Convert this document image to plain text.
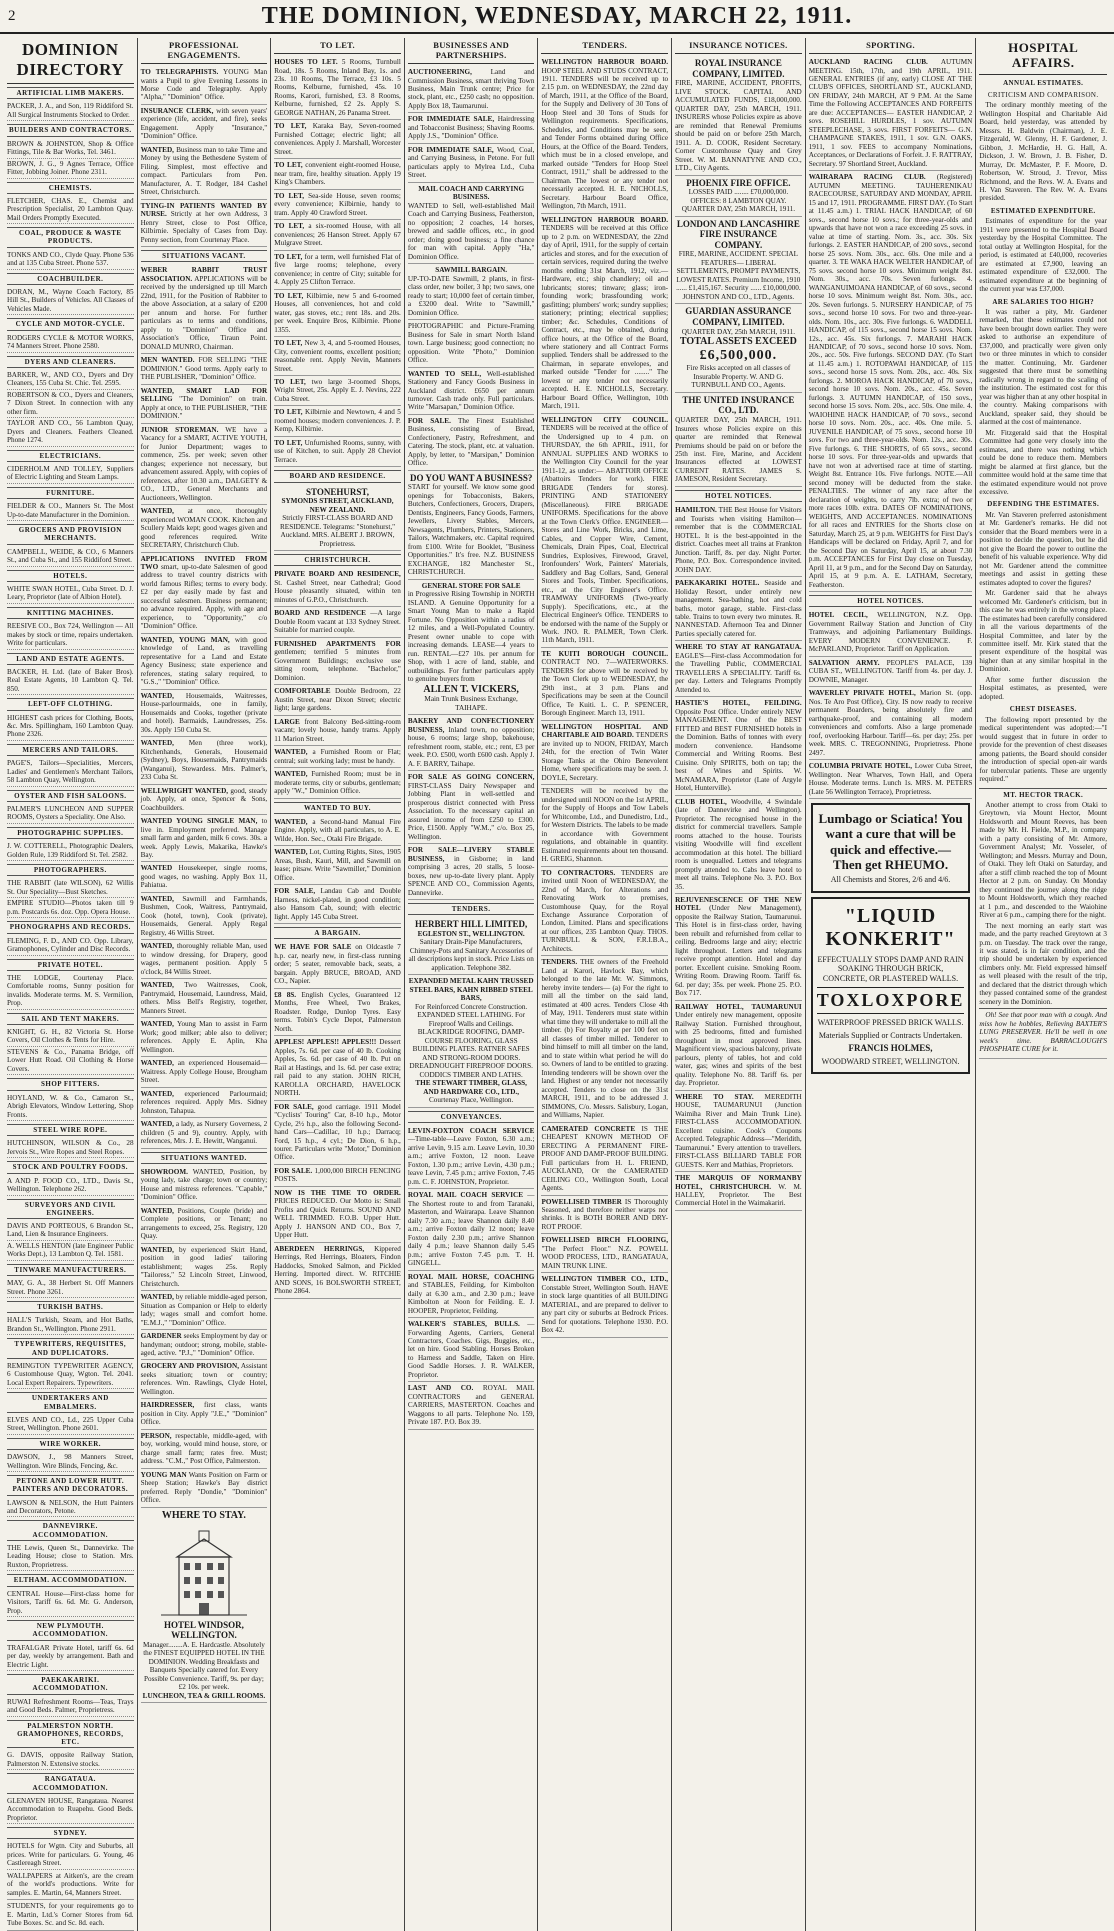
2	THE DOMINION, WEDNESDAY, MARCH 22, 1911.
DOMINION DIRECTORY
ARTIFICIAL LIMB MAKERS.
PACKER, J. A., and Son, 119 Riddiford St. All Surgical Instruments Stocked to Order.
BUILDERS AND CONTRACTORS.
BROWN & JOHNSTON, Shop & Office Fittings, Tile & Bar Works, Tel. 3461.
BROWN, J. G., 9 Agnes Terrace, Office Fitter, Jobbing Joiner. Phone 2311.
CHEMISTS.
FLETCHER, CHAS. E., Chemist and Prescription Specialist, 20 Lambton Quay. Mail Orders Promptly Executed.
COAL, PRODUCE & WASTE PRODUCTS.
TONKS AND CO., Clyde Quay. Phone 536 and at 135 Cuba Street. Phone 537.
COACHBUILDER.
DORAN, M., Wayne Coach Factory, 85 Hill St., Builders of Vehicles. All Classes of Vehicles Made.
CYCLE AND MOTOR-CYCLE.
RODGERS CYCLE & MOTOR WORKS, 74 Manners Street. Phone 2580.
DYERS AND CLEANERS.
BARKER, W., AND CO., Dyers and Dry Cleaners, 155 Cuba St. Chic. Tel. 2595.
ROBERTSON & CO., Dyers and Cleaners, 7 Dixon Street. In connection with any other firm.
TAYLOR AND CO., 56 Lambton Quay, Dyers and Cleaners. Feathers Cleaned. Phone 1274.
ELECTRICIANS.
CIDERHOLM AND TOLLEY, Suppliers of Electric Lighting and Steam Lamps.
FURNITURE.
FIELDER & CO., Manners St. The Most Up-to-date Manufacturer in the Dominion.
GROCERS AND PROVISION MERCHANTS.
CAMPBELL, WEIDE, & CO., 6 Manners St., and Cuba St., and 155 Riddiford Street.
HOTELS.
WHITE SWAN HOTEL, Cuba Street. D. J. Leary, Proprietor (late of Albion Hotel).
KNITTING MACHINES.
REESIVE CO., Box 724, Wellington — All makes by stock or time, repairs undertaken. Write for particulars.
LAND AND ESTATE AGENTS.
BACKER, H. Ltd. (late of Baker Bros). Real Estate Agents, 10 Lambton Q. Tel. 850.
LEFT-OFF CLOTHING.
HIGHEST cash prices for Clothing, Boots, &c. Mrs. Spillingham, 160 Lambton Quay. Phone 2326.
MERCERS AND TAILORS.
PAGE'S, Tailors—Specialities, Mercers, Ladies' and Gentlemen's Merchant Tailors, 58 Lambton Quay, Wellington.
OYSTER AND FISH SALOONS.
PALMER'S LUNCHEON AND SUPPER ROOMS, Oysters a Speciality. One Also.
PHOTOGRAPHIC SUPPLIES.
J. W. COTTERELL, Photographic Dealers, Golden Rule, 139 Riddiford St. Tel. 2582.
PHOTOGRAPHERS.
THE RABBIT (late WILSON), 62 Willis St. Our Speciality—Bust Sketches.
EMPIRE STUDIO—Photos taken till 9 p.m. Postcards 6s. doz. Opp. Opera House.
PHONOGRAPHS AND RECORDS.
FLEMING, F. D., AND CO. Opp. Library, Gramophones, Cylinder and Disc Records.
PRIVATE HOTEL.
THE LODGE, Courtenay Place. Comfortable rooms, Sunny position for invalids. Moderate terms. M. S. Vermilion, Prop.
SAIL AND TENT MAKERS.
KNIGHT, G. H., 82 Victoria St. Horse Covers, Oil Clothes & Tents for Hire.
STEVENS & Co., Panama Bridge, off Lower Hutt Road. Oil Clothing & Horse Covers.
SHOP FITTERS.
HOYLAND, W. & Co., Camaron St., Abrigh Elevators, Window Lettering, Shop Fronts.
STEEL WIRE ROPE.
HUTCHINSON, WILSON & Co., 28 Jervois St., Wire Ropes and Steel Ropes.
STOCK AND POULTRY FOODS.
A AND P. FOOD CO., LTD., Davis St., Wellington. Telephone 262.
SURVEYORS AND CIVIL ENGINEERS.
DAVIS AND PORTEOUS, 6 Brandon St., Land, Lien & Insurance Engineers.
A. WELLS HENTON (late Engineer Public Works Dept.), 13 Lambton Q. Tel. 1581.
TINWARE MANUFACTURERS.
MAY, G. A., 38 Herbert St. Off Manners Street. Phone 3261.
TURKISH BATHS.
HALL'S Turkish, Steam, and Hot Baths, Brandon St., Wellington. Phone 2911.
TYPEWRITERS, REQUISITES, AND DUPLICATORS.
REMINGTON TYPEWRITER AGENCY, 6 Customhouse Quay, Wgton. Tel. 2041. Local Expert Repairers. Typewriters.
UNDERTAKERS AND EMBALMERS.
ELVES AND CO., Ld., 225 Upper Cuba Street, Wellington. Phone 2601.
WIRE WORKER.
DAWSON, J., 98 Manners Street, Wellington. Wire Blinds, Fencing, &c.
PETONE AND LOWER HUTT. PAINTERS AND DECORATORS.
LAWSON & NELSON, the Hutt Painters and Decorators, Petone.
DANNEVIRKE. ACCOMMODATION.
THE Lewis, Queen St., Dannevirke. The Leading House; close to Station. Mrs. Ruxton, Proprietress.
ELTHAM. ACCOMMODATION.
CENTRAL House—First-class home for Visitors, Tariff 6s. 6d. Mr. G. Anderson, Prop.
NEW PLYMOUTH. ACCOMMODATION.
TRAFALGAR Private Hotel, tariff 6s. 6d per day, weekly by arrangement. Bath and Electric Light.
PAEKAKARIKI. ACCOMMODATION.
RUWAI Refreshment Rooms—Teas, Trays and Good Beds. Palmer, Proprietress.
PALMERSTON NORTH. GRAMOPHONES, RECORDS, ETC.
G. DAVIS, opposite Railway Station, Palmerston N. Extensive stocks.
RANGATAUA. ACCOMMODATION.
GLENAVEN HOUSE, Rangataua. Nearest Accommodation to Ruapehu. Good Beds. Proprietor.
SYDNEY.
HOTELS for Wgtn. City and Suburbs, all prices. Write for particulars. G. Young, 46 Castlereagh Street.
WALLPAPERS at Aitken's, are the cream of the world's productions. Write for samples. E. Martin, 64, Manners Street.
STUDENTS, for your requirements go to E. Martin, Ltd.'s Corner Stores from 6d. Tube Boxes. Sc. and Sc. 8d. each.
PROFESSIONAL ENGAGEMENTS.

TO TELEGRAPHISTS. YOUNG Man wants a Pupil to give Evening Lessons in Morse Code and Telegraphy. Apply "Alpha," "Dominion" Office.

INSURANCE CLERK, with seven years' experience (life, accident, and fire), seeks Engagement. Apply "Insurance," "Dominion" Office.

WANTED, Business man to take Time and Money by using the Bethesdene System of Filing. Simplest, most effective and compact. Particulars from Pen. Manufacturer, A. T. Rodger, 184 Cashel Street, Christchurch.

TYING-IN PATIENTS WANTED BY NURSE. Strictly at her own Address, 3 Henry Street, close to Post Office, Kilbirnie. Specialty of Cases from Day. Penny section, from Courtenay Place.

SITUATIONS VACANT.

WEBER RABBIT TRUST ASSOCIATION. APPLICATIONS will be received by the undersigned up till March 22nd, 1911, for the Position of Rabbiter to the above Association, at a salary of £200 per annum and horse. For further particulars as to terms and conditions, apply to "Dominion" Office and Association's Office, Tiraun Point. DONALD MUNRO, Chairman.

MEN WANTED. FOR SELLING "THE DOMINION." Good terms. Apply early to THE PUBLISHER, "Dominion" Office.

WANTED, SMART LAD FOR SELLING "The Dominion" on train. Apply at once, to THE PUBLISHER, "THE DOMINION."

JUNIOR STOREMAN. WE have a Vacancy for a SMART, ACTIVE YOUTH, for Junior Department; wages to commence, 25s. per week; seven other changes; experience not necessary, but advancement assured. Apply, with copies of references, after 10.30 a.m., DALGETY & CO., LTD., General Merchants and Auctioneers, Wellington.

WANTED, at once, thoroughly experienced WOMAN COOK. Kitchen and Scullery Maids kept; good wages given and good references required. Write SECRETARY, Christchurch Club.

APPLICATIONS INVITED FROM TWO smart, up-to-date Salesmen of good address to travel country districts with world famous Rifles; terms to every body. £2 per day easily made by fast and successful salesmen. Business permanent; no advance required. Apply, with age and experience, to "Opportunity," c/o "Dominion" Office.

WANTED, YOUNG MAN, with good knowledge of Land, as travelling representative for a Land and Estate Agency Business; state experience and references, stating salary required, to "G.S.," "Dominion" Office.

WANTED, Housemaids, Waitresses, House-parlourmaids, one in family, Housemaids and Cooks, together (private and hotel). Barmaids, Laundresses, 25s. 30s. Apply 150 Cuba St.

WANTED, Men (three work), Kitchenhands, Generals, Housemaid (Sydney), Boys, Housemaids, Pantrymaids (Wanganui), Stewardess. Mrs. Palmer's, 233 Cuba St.

WELLWRIGHT WANTED, good, steady job. Apply, at once, Spencer & Sons, Coachbuilders.

WANTED YOUNG SINGLE MAN, to live in. Employment preferred. Manage small farm and garden, milk 6 cows. 30s. a week. Apply Lewis, Makarika, Hawke's Bay.

WANTED Housekeeper, single rooms, good wages, no washing. Apply Box 11, Pahiatua.

WANTED, Sawmill and Farmhands, Bushmen, Cook, Waitress, Pantrymaid, Cook (hotel, town), Cook (private), Housemaids, General. Apply Regal Registry, 46 Willis Street.

WANTED, thoroughly reliable Man, used to window dressing, for Drapery, good wages, permanent position. Apply 5 o'clock, 84 Willis Street.

WANTED, Two Waitresses, Cook, Pantrymaid, Housemaid, Laundress, Maid, others. Miss Bell's Registry, together, Manners Street.

WANTED, Young Man to assist in Farm Work; good milker; able also to deliver; references. Apply E. Aplin, Kha Wellington.

WANTED, an experienced Housemaid—Waitress. Apply College House, Brougham Street.

WANTED, experienced Parlourmaid; references required. Apply Mrs. Sidney Johnston, Tahapua.

WANTED, a lady, as Nursery Governess, 2 children (5 and 9), country. Apply, with references, Mrs. J. E. Hewitt, Wanganui.

SITUATIONS WANTED.

SHOWROOM. WANTED, Position, by young lady, take charge; town or country; House and mistress references. "Capable," "Dominion" Office.

WANTED, Positions, Couple (bride) and Complete positions, or Tenant; no arrangements to exceed, 25s. Registry, 120 Quay.

WANTED, by experienced Skirt Hand, position in good ladies' tailoring establishment; wages 25s. Reply "Tailoress," 52 Lincoln Street, Linwood, Christchurch.

WANTED, by reliable middle-aged person, Situation as Companion or Help to elderly lady; wages small and comfort home. "E.M.J.," "Dominion" Office.

GARDENER seeks Employment by day or handyman; outdoor; strong, mobile, stable-aged, active. "P.J.," "Dominion" Office.

GROCERY AND PROVISION, Assistant seeks situation; town or country; references. Wm. Rawlings, Clyde Hotel, Wellington.

HAIRDRESSER, first class, wants position in City. Apply "J.E.," "Dominion" Office.

PERSON, respectable, middle-aged, with boy, working, would mind house, store, or charge small farm; rates free. Must; address. "C.M.," Post Office, Palmerston.

YOUNG MAN Wants Position on Farm or Sheep Station; Hawke's Bay district preferred. Reply "Dondie," "Dominion" Office.

WHERE TO STAY.
HOTEL WINDSOR,
WELLINGTON.

Manager........A. E. Hardcastle. Absolutely the FINEST EQUIPPED HOTEL IN THE DOMINION. Wedding Breakfasts and Banquets Specially catered for. Every Possible Convenience. Tariff, 9s. per day; £2 10s. per week.

LUNCHEON, TEA & GRILL ROOMS.

TO LET.

HOUSES TO LET. 5 Rooms, Turnbull Road, 18s. 5 Rooms, Inland Bay, 1s. and 23s. 10 Rooms, The Terrace, £3 10s. 5 Rooms, Kelburne, furnished, 45s. 10 Rooms, Karori, furnished, £3. 8 Rooms, Kelburne, furnished, £2 2s. Apply S. GEORGE NATHAN, 26 Panama Street.

TO LET, Karaka Bay, Seven-roomed Furnished Cottage; electric light; all conveniences. Apply J. Marshall, Worcester Street.

TO LET, convenient eight-roomed House, near tram, fire, healthy situation. Apply 19 King's Chambers.

TO LET, Sea-side House, seven rooms; every convenience; Kilbirnie, handy to tram. Apply 40 Crawford Street.

TO LET, a six-roomed House, with all conveniences; 26 Hanson Street. Apply 67 Mulgrave Street.

TO LET, for a term, well furnished Flat of five large rooms; telephone, every convenience; in centre of City; suitable for 4. Apply 25 Clifton Terrace.

TO LET, Kilbirnie, new 5 and 6-roomed Houses, all conveniences, hot and cold water, gas stoves, etc.; rent 18s. and 20s. per week. Enquire Bros, Kilbirnie. Phone 1355.

TO LET, New 3, 4, and 5-roomed Houses, City, convenient rooms, excellent position; reasonable rent. Apply Nevin, Manners Street.

TO LET, two large 3-roomed Shops, Wright Street, 25s. Apply E. J. Nevins, 222 Cuba Street.

TO LET, Kilbirnie and Newtown, 4 and 5 roomed houses; modern conveniences. J. P. Kemp, Kilbirnie.

TO LET, Unfurnished Rooms, sunny, with use of Kitchen, to suit. Apply 28 Cheviot Terrace.

BOARD AND RESIDENCE.
STONEHURST,

SYMONDS STREET, AUCKLAND, NEW ZEALAND.

Strictly FIRST-CLASS BOARD AND RESIDENCE. Telegrams: "Stonehurst," Auckland. MRS. ALBERT J. BROWN, Proprietress.

CHRISTCHURCH.

PRIVATE BOARD AND RESIDENCE, St. Cashel Street, near Cathedral; Good House pleasantly situated, within ten minutes of G.P.O., Christchurch.

BOARD AND RESIDENCE —A large Double Room vacant at 133 Sydney Street. Suitable for married couple.

FURNISHED APARTMENTS FOR gentlemen; terrified 5 minutes from Government Buildings; exclusive use sitting room, telephone. "Bachelor," Dominion.

COMFORTABLE Double Bedroom, 22 Austin Street, near Dixon Street; electric light; large gardens.

LARGE front Balcony Bed-sitting-room vacant; lovely house, handy trams. Apply 11 Marion Street.

WANTED, a Furnished Room or Flat; central; suit working lady; must be handy.

WANTED, Furnished Room; must be in moderate terms, city or suburbs, gentleman; apply "W.," Dominion Office.

WANTED TO BUY.

WANTED, a Second-hand Manual Fire Engine. Apply, with all particulars, to A. E. Wilde, Hon. Sec., Otaki Fire Brigade.

WANTED, Lot, Cutting Rights, Sites, 1905 Areas, Bush, Kauri, Mill, and Sawmill on lease; pitsaw. Write "Sawmiller," Dominion Office.

FOR SALE, Landau Cab and Double Harness, nickel-plated, in good condition; also Hansom Cab, sound; with electric light. Apply 145 Cuba Street.

A BARGAIN.

WE HAVE FOR SALE on Oldcastle 7 h.p. car, nearly new, in first-class running order; 5 seater, removable back, seats, a bargain. Apply BRUCE, BROAD, AND CO., Napier.

£8 8S. English Cycles, Guaranteed 12 Months, Free Wheel, Two Brakes, Roadster. Rudge, Dunlop Tyres. Easy terms. Tobin's Cycle Depot, Palmerston North.

APPLES! APPLES!! APPLES!!! Dessert Apples, 7s. 6d. per case of 40 lb. Cooking Apples, 5s. 6d. per case of 40 lb. Put on Rail at Hastings, and 1s. 6d. per case extra; rail paid to any station. JOHN RICH, KAROLLA ORCHARD, HAVELOCK NORTH.

FOR SALE, good carriage. 1911 Model "Cyclists' Touring" Car, 8-10 h.p., Motor Cycle, 2½ h.p., also the following Second-hand Cars—Cadillac, 10 h.p.; Darracq; Ford, 15 h.p., 4 cyl.; De Dion, 6 h.p., tourer. Particulars write "Motor," Dominion Office.

FOR SALE. 1,000,000 BIRCH FENCING POSTS.

NOW IS THE TIME TO ORDER. PRICES REDUCED. Our Motto is: Small Profits and Quick Returns. SOUND AND WELL TRIMMED. F.O.B. Upper Hutt. Apply J. HANSON AND CO., Box 7, Upper Hutt.

ABERDEEN HERRINGS, Kippered Herrings, Red Herrings, Bloaters, Findon Haddocks, Smoked Salmon, and Pickled Herring. Imported direct. W. RITCHIE AND SONS, 16 BOLSWORTH STREET, Phone 2864.

BUSINESSES AND PARTNERSHIPS.

AUCTIONEERING,	Land and Commission Business, smart thriving Town Business, Main Trunk centre; Price for stock, plant, etc., £250 cash; no opposition. Apply Box 18, Taumarunui.

FOR IMMEDIATE SALE, Hairdressing and Tobacconist Business; Shaving Rooms. Apply J.S., "Dominion" Office.

FOR IMMEDIATE SALE, Wood, Coal, and Carrying Business, in Petone. For full particulars apply to Mylrea Ltd., Cuba Street.

MAIL COACH AND CARRYING BUSINESS.

WANTED to Sell, well-established Mail Coach and Carrying Business, Featherston, no opposition; 2 coaches, 14 horses, brewed and saddle offices, etc., in good order; doing good business; a fine chance for man with capital. Apply "Ha," Dominion Office.

SAWMILL BARGAIN.

UP-TO-DATE Sawmill, 2 plants, in first-class order, new boiler, 3 hp; two saws, one ready to start; 10,000 feet of certain timber, a £3200 deal. Write to "Sawmill," Dominion Office.

PHOTOGRAPHIC and Picture-Framing Business for Sale in smart North Island town. Large business; good connection; no opposition. Write "Photo," Dominion Office.

WANTED TO SELL, Well-established Stationery and Fancy Goods Business in Auckland district. £650 per annum turnover. Cash trade only. Full particulars. Write "Marsapan," Dominion Office.

FOR SALE. The Finest Established Business, consisting of Bread, Confectionery, Pastry, Refreshment, and Catering. The stock, plant, etc. at valuation. Apply, by letter, to "Marsipan," Dominion Office.

DO YOU WANT A BUSINESS?

START for yourself. We know some good openings for Tobacconists, Bakers, Butchers, Confectioners, Grocers, Drapers, Dentists, Engineers, Fancy Goods, Farmers, Jewellers, Livery Stables, Mercers, Newsagents, Plumbers, Printers, Stationers, Tailors, Watchmakers, etc. Capital required from £100. Write for Booklet, "Business Opportunities." It's free. N.Z. BUSINESS EXCHANGE, 182 Manchester St., CHRISTCHURCH.

GENERAL STORE FOR SALE

in Progressive Rising Township in NORTH ISLAND. A Genuine Opportunity for a Smart Young Man to make a Rapid Fortune. No Opposition within a radius of 12 miles, and a Well-Populated Country. Present owner unable to cope with increasing demands. LEASE—4 years to run. RENTAL—£27 10s. per annum for Shop, with 1 acre of land, stable, and outbuildings. For further particulars apply to genuine buyers from

ALLEN T. VICKERS,

Main Trunk Business Exchange, TAIHAPE.

BAKERY AND CONFECTIONERY BUSINESS, Inland town, no opposition; house, 6 rooms; large shop, bakehouse, refreshment room, stable, etc.; rent, £3 per week. P.O. £500, worth £600 cash. Apply J. A. F. BARRY, Taihape.

FOR SALE AS GOING CONCERN, FIRST-CLASS Dairy Newspaper and Jobbing Plant in well-settled and prosperous district connected with Press Association. To the necessary capital an assured income of from £250 to £300. Price, £1500. Apply "W.M.," c/o. Box 25, Wellington.

FOR SALE—LIVERY STABLE BUSINESS, in Gisborne; in land comprising 3 acres, 20 stalls, 5 loose-boxes, new up-to-date livery plant. Apply SPENCE AND CO., Commission Agents, Dannevirke.

TENDERS.
HERBERT HILL LIMITED,

EGLESTON ST., WELLINGTON.

Sanitary Drain-Pipe Manufacturers, Chimney-Pots and Sanitary Accessories of all descriptions kept in stock. Price Lists on application. Telephone 382.

EXPANDED METAL KAHN TRUSSED STEEL BARS, KAHN RIBBED STEEL BARS,

For Reinforced Concrete Construction. EXPANDED STEEL LATHING. For Fireproof Walls and Ceilings. BLACKRIDGE ROOFING, DAMP-COURSE FLOORING, GLASS BUILDING PLATES. RATNER SAFES AND STRONG-ROOM DOORS. DREADNOUGHT FIREPROOF DOORS. CODDICS TIMBER AND LATHS.

THE STEWART TIMBER, GLASS, AND HARDWARE CO., LTD.,

Courtenay Place, Wellington.

CONVEYANCES.

LEVIN-FOXTON COACH SERVICE —Time-table—Leave Foxton, 6.30 a.m.; arrive Levin, 9.15 a.m. Leave Levin, 10.30 a.m.; arrive Foxton, 12 noon. Leave Foxton, 1.30 p.m.; arrive Levin, 4.30 p.m.; leave Levin, 7.45 p.m.; arrive Foxton, 7.45 p.m. C. F. JOHNSTON, Proprietor.

ROYAL MAIL COACH SERVICE —The Shortest route to and from Taranaki, Masterton, and Wairarapa. Leave Shannon daily 7.30 a.m.; leave Shannon daily 8.40 a.m.; arrive Foxton daily 12 noon; leave Foxton daily 2.30 p.m.; arrive Shannon daily 4 p.m.; leave Shannon daily 5.45 p.m.; arrive Foxton 7.45 p.m. T. H. GINGELL.

ROYAL MAIL HORSE, COACHING and STABLES, Feilding, for Kimbolton daily at 6.30 a.m., and 2.30 p.m.; leave Kimbolton at Noon for Feilding. E. J. HOOPER, Proprietor, Feilding.

WALKER'S STABLES, BULLS. —Forwarding Agents, Carriers, General Contractors, Coaches. Gigs, Buggies, etc., let on hire. Good Stabling. Horses Broken to Harness and Saddle, Taken on Hire. Good Saddle Horses. J. R. WALKER, Proprietor.

LAST AND CO. ROYAL MAIL CONTRACTORS and GENERAL CARRIERS, MASTERTON. Coaches and Waggons to all parts. Telephone No. 159, Private 187. P.O. Box 39.

TENDERS.

WELLINGTON HARBOUR BOARD. HOOP STEEL AND STUDS CONTRACT, 1911. TENDERS will be received up to 2.15 p.m. on WEDNESDAY, the 22nd day of March, 1911, at the Office of the Board, for the Supply and Delivery of 30 Tons of Hoop Steel and 30 Tons of Studs for Wellington requirements. Specifications, Schedules, and Conditions may be seen, and Tender Forms obtained during Office Hours, at the Office of the Board. Tenders, which must be in a closed envelope, and marked outside "Tenders for Hoop Steel Contract, 1911," shall be addressed to the Chairman. The lowest or any tender not necessarily accepted. H. E. NICHOLLS, Secretary. Harbour Board Office, Wellington, 7th March, 1911.

WELLINGTON HARBOUR BOARD. TENDERS will be received at this Office up to 2 p.m. on WEDNESDAY, the 22nd day of April, 1911, for the supply of certain articles and stores, and for the execution of certain services, required during the twelve months ending 31st March, 1912, viz.— Hardware, etc.; ship chandlery; oil and lubricants; stores; tinware; glass; iron-founding work; brassfounding work; gasfitting; plumbers' work; sundry supplies; stationery; printing; electrical supplies; timber; &c. Schedules, Conditions of Contract, etc., may be obtained, during office hours, at the Office of the Board, where stationery and all Contract Forms supplied. Tenders shall be addressed to the Chairman, in separate envelopes, and marked outside "Tender for ........" The lowest or any tender not necessarily accepted. H. E. NICHOLLS, Secretary. Harbour Board Office, Wellington, 10th March, 1911.

WELLINGTON CITY COUNCIL. TENDERS will be received at the office of the Undersigned up to 4 p.m. on THURSDAY, the 6th APRIL, 1911, for ANNUAL SUPPLIES AND WORKS to the Wellington City Council for the year 1911-12, as under:— ABATTOIR OFFICE (Abattoirs Tenders for work). FIRE BRIGADE (Tenders for stores). PRINTING AND STATIONERY (Miscellaneous). FIRE BRIGADE UNIFORMS. Specifications for the above at the Town Clerk's Office. ENGINEER—Stores and Line Work, Bricks, and Lime, Cables, and Copper Wire, Cement, Chemicals, Drain Pipes, Coal, Electrical Sundries, Explosives, Firewood, Gravel, Ironfounders' Work, Painters' Materials, Saddlery and Bag Collars, Sand, General Stores and Tools, Timber. Specifications, etc., at the City Engineer's Office. TRAMWAY UNIFORMS (Two-yearly Supply). Specifications, etc., at the Electrical Engineer's Office. TENDERS to be endorsed with the name of the Supply or Work. JNO. R. PALMER, Town Clerk. 11th March, 1911.

TE KUITI BOROUGH COUNCIL. CONTRACT NO. 7—WATERWORKS. TENDERS for above will be received by the Town Clerk up to WEDNESDAY, the 29th inst., at 3 p.m. Plans and Specifications may be seen at the Council Office, Te Kuiti. L. C. P. SPENCER, Borough Engineer. March 13, 1911.

WELLINGTON HOSPITAL AND CHARITABLE AID BOARD. TENDERS are invited up to NOON, FRIDAY, March 24th, for the erection of Twin Water Storage Tanks at the Ohiro Benevolent Home, where specifications may be seen. J. DOYLE, Secretary.

TENDERS will be received by the undersigned until NOON on the 1st APRIL, for the Supply of Hoops and Tow Labels for Whitcombe, Ltd., and Dunedistro, Ltd., for Western Districts. The labels to be made in accordance with Government regulations, and obtainable in quantity. Estimated requirements about ten thousand. H. GREIG, Shannon.

TO CONTRACTORS. TENDERS are invited until Noon of WEDNESDAY, the 22nd of March, for Alterations and Renovating Work to premises, Customhouse Quay, for the Royal Exchange Assurance Corporation of London, Limited. Plans and specifications at our offices, 235 Lambton Quay. THOS. TURNBULL & SON, F.R.I.B.A., Architects.

TENDERS. THE owners of the Freehold Land at Karori, Havlock Bay, which belonged to the late Mr. W. Simmons, hereby invite tenders— (a) For the right to mill all the timber on the said land, estimated at 400 acres. Tenders Close 4th of May, 1911. Tenderers must state within what time they will undertake to mill all the timber. (b) For Royalty at per 100 feet on all classes of timber milled. Tenderer to bind himself to mill all timber on the land, and to state within what period he will do so. Owners of land to be entitled to grazing. Intending tenderers will be shown over the land. Highest or any tender not necessarily accepted. Tenders to close on the 31st MARCH, 1911, and to be addressed J. SIMMONS, C/o. Messrs. Salisbury, Logan, and Williams, Napier.

CAMERATED CONCRETE IS THE CHEAPEST KNOWN METHOD OF ERECTING A PERMANENT FIRE-PROOF AND DAMP-PROOF BUILDING. Full particulars from H. L. FRIEND, AUCKLAND, Or the CAMERATED CEILING CO., Wellington South, Local Agents.

POWELLISED TIMBER IS Thoroughly Seasoned, and therefore neither warps nor shrinks. It is BOTH BORER AND DRY-ROT PROOF.

FOWELLISED BIRCH FLOORING, "The Perfect Floor." N.Z. POWELL WOOD PROCESS, LTD., RANGATAUA, MAIN TRUNK LINE.

WELLINGTON TIMBER CO., LTD., Constable Street, Wellington South. HAVE in stock large quantities of all BUILDING MATERIAL, and are prepared to deliver to any part city or suburbs at Bedrock Prices. Send for quotations. Telephone 1930. P.O. Box 42.

INSURANCE NOTICES.
ROYAL INSURANCE COMPANY, LIMITED.

FIRE, MARINE, ACCIDENT, PROFITS, LIVE STOCK. CAPITAL AND ACCUMULATED FUNDS, £18,000,000. QUARTER DAY, 25th MARCH, 1911. INSURERS whose Policies expire as above are reminded that Renewal Premiums should be paid on or before 25th March, 1911. A. D. COOK, Resident Secretary. Corner Customhouse Quay and Grey Street. W. M. BANNATYNE AND CO., LTD., City Agents.

PHOENIX FIRE OFFICE.

LOSSES PAID ........ £70,000,000. OFFICES: 8 LAMBTON QUAY. QUARTER DAY, 25th MARCH, 1911.

LONDON AND LANCASHIRE FIRE INSURANCE COMPANY.

FIRE, MARINE, ACCIDENT. SPECIAL FEATURES— LIBERAL SETTLEMENTS, PROMPT PAYMENTS, LOWEST RATES. Premium Income, 1910 ...... £1,415,167. Security ...... £10,000,000. JOHNSTON AND CO., LTD., Agents.

GUARDIAN ASSURANCE COMPANY, LIMITED.

QUARTER DAY, 25th MARCH, 1911.

TOTAL ASSETS EXCEED
£6,500,000.

Fire Risks accepted on all classes of Insurable Property. W. AND G. TURNBULL AND CO., Agents.

THE UNITED INSURANCE CO., LTD.

QUARTER DAY, 25th MARCH, 1911. Insurers whose Policies expire on this quarter are reminded that Renewal Premiums should be paid on or before the 25th inst. Fire, Marine, and Accident Insurances effected at LOWEST CURRENT RATES. JAMES S. JAMESON, Resident Secretary.

HOTEL NOTICES.

HAMILTON. THE Best House for Visitors and Tourists when visiting Hamilton—remember that is the COMMERCIAL HOTEL. It is the best-appointed in the district. Coaches meet all trains at Frankton Junction. Tariff, 8s. per day. Night Porter. Phone, P.O. Box. Correspondence invited. JOHN DAY.

PAEKAKARIKI HOTEL. Seaside and Holiday Resort, under entirely new management. Sea-bathing, hot and cold baths, motor garage, stable. First-class table. Trains to town every two minutes. R. NANNESTAD. Afternoon Tea and Dinner Parties specially catered for.

WHERE TO STAY AT RANGATAUA. EAGLE'S—First-class Accommodation for the Travelling Public, COMMERCIAL TRAVELLERS A SPECIALITY. Tariff 6s. per day. Letters and Telegrams Promptly Attended to.

HASTIE'S HOTEL, FEILDING. Opposite Post Office. Under entirely NEW MANAGEMENT. One of the BEST FITTED and BEST FURNISHED hotels in the Dominion. Baths of tonnes with every modern convenience. Handsome Commercial and Writing Rooms. Best Cuisine. Only SPIRITS, both on tap; the best of Wines and Spirits. W. McNAMARA, Proprietor (Late of Argyle Hotel, Hunterville).

CLUB HOTEL, Woodville, 4 Swindale (late of Dannevirke and Wellington). Proprietor. The recognised house in the district for commercial travellers. Sample rooms attached to the house. Tourists visiting Woodville will find excellent accommodation at this hotel. The billiard room is unequalled. Letters and telegrams promptly attended to. Cabs leave hotel to meet all trains. Telephone No. 3. P.O. Box 35.

REJUVENESCENCE OF THE NEW HOTEL (Under New Management), opposite the Railway Station, Taumarunui. This Hotel is in first-class order, having been rebuilt and refurnished from cellar to ceiling. Bedrooms large and airy; electric light throughout. Letters and telegrams receive prompt attention. Hotel and day porter. Excellent cuisine. Smoking Room. Writing Room. Drawing Room. Tariff 6s. 6d. per day; 35s. per week. Phone 25. P.O. Box 717.

RAILWAY HOTEL, TAUMARUNUI Under entirely new management, opposite Railway Station. Furnished throughout, with 25 bedrooms, fitted and furnished throughout in most approved lines. Magnificent view, spacious balcony, private parlours, plenty of tables, hot and cold water, gas; wines and spirits of the best quality. Telephone No. 88. Tariff 6s. per day. Proprietor.

WHERE TO STAY. MEREDITH HOUSE, TAUMARUNUI (Junction Waimiha River and Main Trunk Line). FIRST-CLASS ACCOMMODATION. Excellent cuisine. Cook's Coupons Accepted. Telegraphic Address—"Meridith, Taumarunui." Every attention to travellers. FIRST-CLASS BILLIARD TABLE FOR GUESTS. Kerr and Mathias, Proprietors.

THE MARQUIS OF NORMANBY HOTEL, CHRISTCHURCH. W. M. HALLEY, Proprietor. The Best Commercial Hotel in the Waimakariri.

SPORTING.

AUCKLAND RACING CLUB. AUTUMN MEETING. 15th, 17th, and 19th APRIL, 1911. GENERAL ENTRIES (if any, early) CLOSE AT THE CLUB'S OFFICES, SHORTLAND ST., AUCKLAND, ON FRIDAY, 24th MARCH, AT 9 P.M. At the Same Time the Following ACCEPTANCES AND FORFEITS are due: ACCEPTANCES— EASTER HANDICAP, 2 sovs. ROSEHILL HURDLES, 1 sov. AUTUMN STEEPLECHASE, 3 sovs. FIRST FORFEITS— G.N. CHAMPAGNE STAKES, 1911, 1 sov. G.N. OAKS, 1911, 1 sov. FEES to accompany Nominations, Acceptances, or Declarations of Forfeit. J. F. RATTRAY, Secretary. 97 Shortland Street, Auckland.

WAIRARAPA RACING CLUB. (Registered) AUTUMN MEETING. TAUHERENIKAU RACECOURSE, SATURDAY AND MONDAY, APRIL 15 and 17, 1911. PROGRAMME. FIRST DAY. (To Start at 11.45 a.m.) 1. TRIAL HACK HANDICAP, of 60 sovs., second horse 10 sovs.; for three-year-olds and upwards that have not won a race exceeding 25 sovs. in value at time of starting. Nom. 3s., acc. 30s. Six furlongs. 2. EASTER HANDICAP, of 200 sovs., second horse 25 sovs. Nom. 30s., acc. 60s. One mile and a quarter. 3. TE WAKA HACK WELTER HANDICAP, of 75 sovs. second horse 10 sovs. Minimum weight 8st. Nom. 30s., acc. 70s. Seven furlongs. 4. WANGANUIMOANA HANDICAP, of 60 sovs., second horse 10 sovs. Minimum weight 8st. Nom. 30s., acc. 20s. Seven furlongs. 5. NURSERY HANDICAP, of 75 sovs., second horse 10 sovs. For two and three-year-olds. Nom. 10s., acc. 30s. Five furlongs. 6. WADDELL HANDICAP, of 115 sovs., second horse 15 sovs. Nom. 12s., acc. 45s. Six furlongs. 7. MARAHI HACK HANDICAP, of 70 sovs., second horse 10 sovs. Nom. 20s., acc. 50s. Five furlongs. SECOND DAY. (To Start at 11.45 a.m.) 1. ROTOPAWAI HANDICAP, of 115 sovs., second horse 15 sovs. Nom. 20s., acc. 40s. Six furlongs. 2. MOROA HACK HANDICAP, of 70 sovs., second horse 10 sovs. Nom. 20s., acc. 45s. Seven furlongs. 3. AUTUMN HANDICAP, of 150 sovs., second horse 15 sovs. Nom. 20s., acc. 50s. One mile. 4. WAIOHINE HACK HANDICAP, of 70 sovs., second horse 10 sovs. Nom. 20s., acc. 40s. One mile. 5. JUVENILE HANDICAP, of 75 sovs., second horse 10 sovs. For two and three-year-olds. Nom. 12s., acc. 30s. Five furlongs. 6. THE SHORTS, of 65 sovs., second horse 10 sovs. For three-year-olds and upwards that have not won at advertised race at time of starting. Weight 8st. Entrance 10s. Five furlongs. NOTE.—All second money will be deducted from the stake. PENALTIES. The winner of any race after the declaration of weights, to carry 7lb. extra; of two or more races 10lb. extra. DATES OF NOMINATIONS, WEIGHTS, AND ACCEPTANCES. NOMINATIONS for all races and ENTRIES for the Shorts close on Saturday, March 25, at 9 p.m. WEIGHTS for First Day's Handicaps will be declared on Friday, April 7, and for the Second Day on Saturday, April 15, at about 7.30 p.m. ACCEPTANCES for First Day close on Tuesday, April 11, at 9 p.m., and for the Second Day on Saturday, April 15, at 9 p.m. A. E. LATHAM, Secretary, Featherston.

HOTEL NOTICES.

HOTEL CECIL, WELLINGTON, N.Z. Opp. Government Railway Station and Junction of City Tramways, and adjoining Parliamentary Buildings. EVERY MODERN CONVENIENCE. F. McPARLAND, Proprietor. Tariff on Application.

SALVATION ARMY. PEOPLE'S PALACE, 139 CUBA ST., WELLINGTON. Tariff from 4s. per day. J. DOWNIE, Manager.

WAVERLEY PRIVATE HOTEL, Marion St. (opp. Nos. Te Aro Post Office), City. IS now ready to receive permanent Boarders, being absolutely fire and earthquake-proof, and containing all modern conveniences and comforts. Also a large promenade roof, overlooking Harbour. Tariff—6s. per day; 25s. per week. MRS. C. TREGONNING, Proprietress. Phone 2497.

COLUMBIA PRIVATE HOTEL, Lower Cuba Street, Wellington. Near Wharves, Town Hall, and Opera House. Moderate terms. Lunch 1s. MRS. M. PETERS (Late 56 Wellington Terrace), Proprietress.

Lumbago or Sciatica! You want a cure that will be quick and effective.—Then get RHEUMO.
All Chemists and Stores, 2/6 and 4/6.
"LIQUID KONKERIT"
EFFECTUALLY STOPS DAMP AND RAIN SOAKING THROUGH BRICK, CONCRETE, OR PLASTERED WALLS.
TOXLOXPORE
WATERPROOF PRESSED BRICK WALLS.
Materials Supplied or Contracts Undertaken.
FRANCIS HOLMES,
WOODWARD STREET, WELLINGTON.
HOSPITAL AFFAIRS.
ANNUAL ESTIMATES.
CRITICISM AND COMPARISON.

The ordinary monthly meeting of the Wellington Hospital and Charitable Aid Board, held yesterday, was attended by Messrs. H. Baldwin (Chairman), J. E. Fitzgerald, W. Glenny, H. F. Gardener, J. Gibbon, J. McHardie, H. G. Hall, A. Dickson, J. W. Brown, J. B. Fisher, D. Murray, Dr. McMaster, P. F. Moore, D. Robertson, W. Stroud, J. Trevor, Miss Richmond, and the Revs. W. A. Evans and H. Van Staveren. The Rev. W. A. Evans presided.

ESTIMATED EXPENDITURE.

Estimates of expenditure for the year 1911 were presented to the Hospital Board yesterday by the Hospital Committee. The total outlay at Wellington Hospital, for the period, is estimated at £40,000, recoveries are estimated at £7,900, leaving an estimated expenditure of £32,000. The estimated expenditure at the beginning of the current year was £37,000.

ARE SALARIES TOO HIGH?

It was rather a pity, Mr. Gardener remarked, that these estimates could not have been brought down earlier. They were asked to authorise an expenditure of £37,000, and practically were given only two or three minutes in which to consider the matter. Continuing, Mr. Gardener suggested that there must be something radically wrong in regard to the scaling of the institution. The estimated cost for this year was higher than at any other hospital in the country. Making comparisons with Auckland, speaker said, they should be alarmed at the cost of maintenance.

Mr. Fitzgerald said that the Hospital Committee had gone very closely into the estimates, and there was nothing which could be done to reduce them. Members might be alarmed at first glance, but the committee would hold at the same time that the estimated expenditure would not prove excessive.

DEFENDING THE ESTIMATES.

Mr. Van Staveren preferred astonishment at Mr. Gardener's remarks. He did not consider that the Board members were in a position to decide the question, but he did not give the Board the power to outline the benefit of his valuable experience. Why did not Mr. Gardener attend the committee meetings and assist in getting these estimates adopted to cover the figures?

Mr. Gardener said that he always welcomed Mr. Gardener's criticism, but in this case he was entirely in the wrong place. The estimates had been carefully considered in all the various departments of the Hospital Committee, and later by the committee itself. Mr. Kirk stated that the present expenditure of the hospital was higher than at any similar hospital in the Dominion.

After some further discussion the Hospital estimates, as presented, were adopted.

CHEST DISEASES.

The following report presented by the medical superintendent was adopted:—"I would suggest that in future in order to provide for the prevention of chest diseases among patients, the Board should consider the introduction of special open-air wards for tubercular patients. These are urgently required."

MT. HECTOR TRACK.

Another attempt to cross from Otaki to Greytown, via Mount Hector, Mount Holdsworth and Mount Reeves, has been made by Mr. H. Fielde, M.P., in company with a party consisting of Mr. Atmore, Government Analyst; Mr. Vosseler, of Wellington; and Messrs. Murray and Doun, of Otaki. They left Otaki on Saturday, and after a stiff climb reached the top of Mount Hector at 2 p.m. on Sunday. On Monday they continued the journey along the ridge to Mount Holdsworth, which they reached at 1 p.m., and descended to the Waiohine River at 6 p.m., camping there for the night.

The next morning an early start was made, and the party reached Greytown at 3 p.m. on Tuesday. The track over the range, it was stated, is in fair condition, and the trip should be undertaken by experienced climbers only. Mr. Field expressed himself as well pleased with the result of the trip, and declared that the district through which they passed contained some of the grandest scenery in the Dominion.

Oh! See that poor man with a cough. And miss how he hobbles, Relieving BAXTER'S LUNG PRESERVER. He'll be well in one week's time. BARRACLOUGH'S PHOSPHATE CURE for it.
